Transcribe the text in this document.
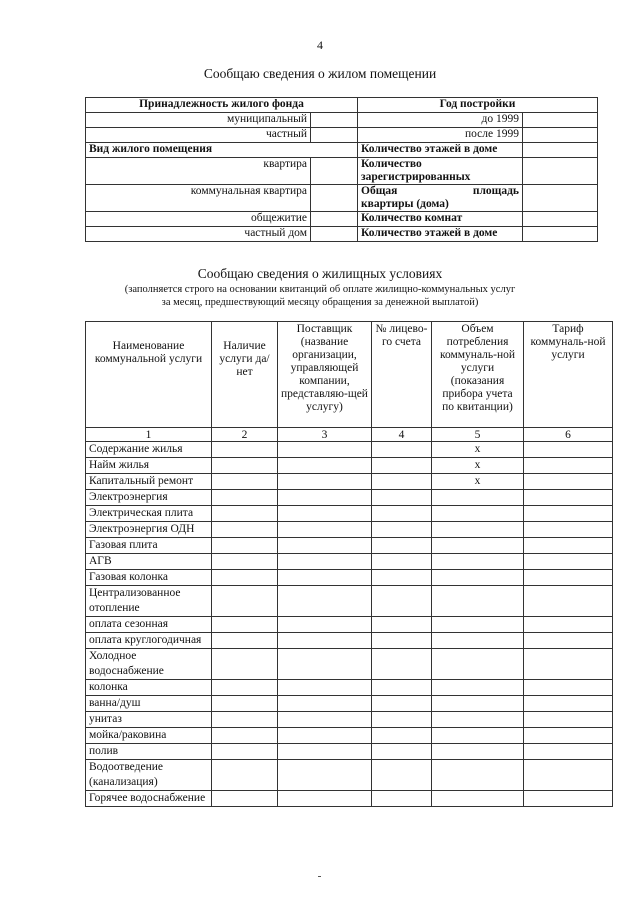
4
Сообщаю сведения о жилом помещении
Принадлежность жилого фонда		Год постройки	
муниципальный		до 1999	
частный		после 1999	
Вид жилого помещения		Количество этажей в доме	
квартира		Количество
зарегистрированных	

коммунальная квартира		Общая площадь
квартиры (дома)	

общежитие		Количество комнат	
частный дом		Количество этажей в доме	
Сообщаю сведения о жилищных условиях
(заполняется строго на основании квитанций об оплате жилищно-коммунальных услуг
за месяц, предшествующий месяцу обращения за денежной выплатой)
Наименование коммунальной услуги	Наличие услуги да/нет	Поставщик (название организации, управляющей компании, представляю-щей услугу)	№ лицево-го счета	Объем потребления коммуналь-ной услуги (показания прибора учета по квитанции)	Тариф коммуналь-ной услуги
1	2	3	4	5	6
Содержание жилья				х	
Найм жилья				х	
Капитальный ремонт				х	
Электроэнергия					
Электрическая плита					
Электроэнергия ОДН					
Газовая плита					
АГВ					
Газовая колонка					
Централизованное отопление					
оплата сезонная					
оплата круглогодичная					
Холодное водоснабжение					
колонка					
ванна/душ					
унитаз					
мойка/раковина					
полив					
Водоотведение (канализация)					
Горячее водоснабжение					
